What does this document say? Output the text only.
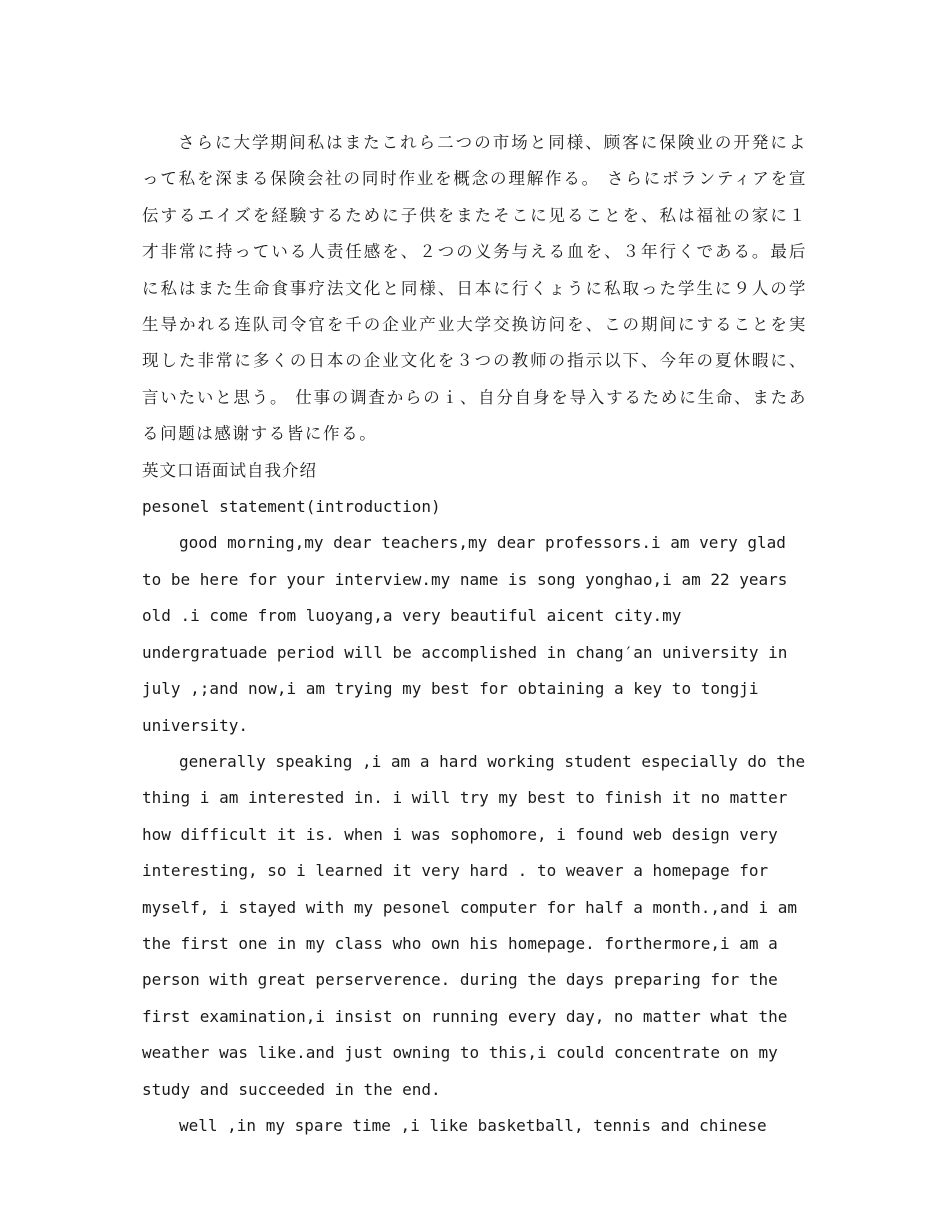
さらに大学期间私はまたこれら二つの市场と同様、顾客に保険业の开発によって私を深まる保険会社の同时作业を概念の理解作る。 さらにボランティアを宣伝するエイズを経験するために子供をまたそこに见ることを、私は福祉の家に１才非常に持っている人责任感を、２つの义务与える血を、３年行くである。最后に私はまた生命食事疗法文化と同様、日本に行くょうに私取った学生に９人の学生导かれる连队司令官を千の企业产业大学交换访问を、この期间にすることを実现した非常に多くの日本の企业文化を３つの教师の指示以下、今年の夏休暇に、言いたいと思う。 仕事の调査からのｉ、自分自身を导入するために生命、またある问题は感谢する皆に作る。

英文口语面试自我介绍

pesonel statement(introduction)

good morning,my dear teachers,my dear professors.i am very glad to be here for your interview.my name is song yonghao,i am 22 years old .i come from luoyang,a very beautiful aicent city.my undergratuade period will be accomplished in chang′an university in july ,;and now,i am trying my best for obtaining a key to tongji university.

generally speaking ,i am a hard working student especially do the thing i am interested in. i will try my best to finish it no matter how difficult it is. when i was sophomore, i found web design very interesting, so i learned it very hard . to weaver a homepage for myself, i stayed with my pesonel computer for half a month.,and i am the first one in my class who own his homepage. forthermore,i am a person with great perserverence. during the days preparing for the first examination,i insist on running every day, no matter what the weather was like.and just owning to this,i could concentrate on my study and succeeded in the end.

well ,in my spare time ,i like basketball, tennis and chinese
